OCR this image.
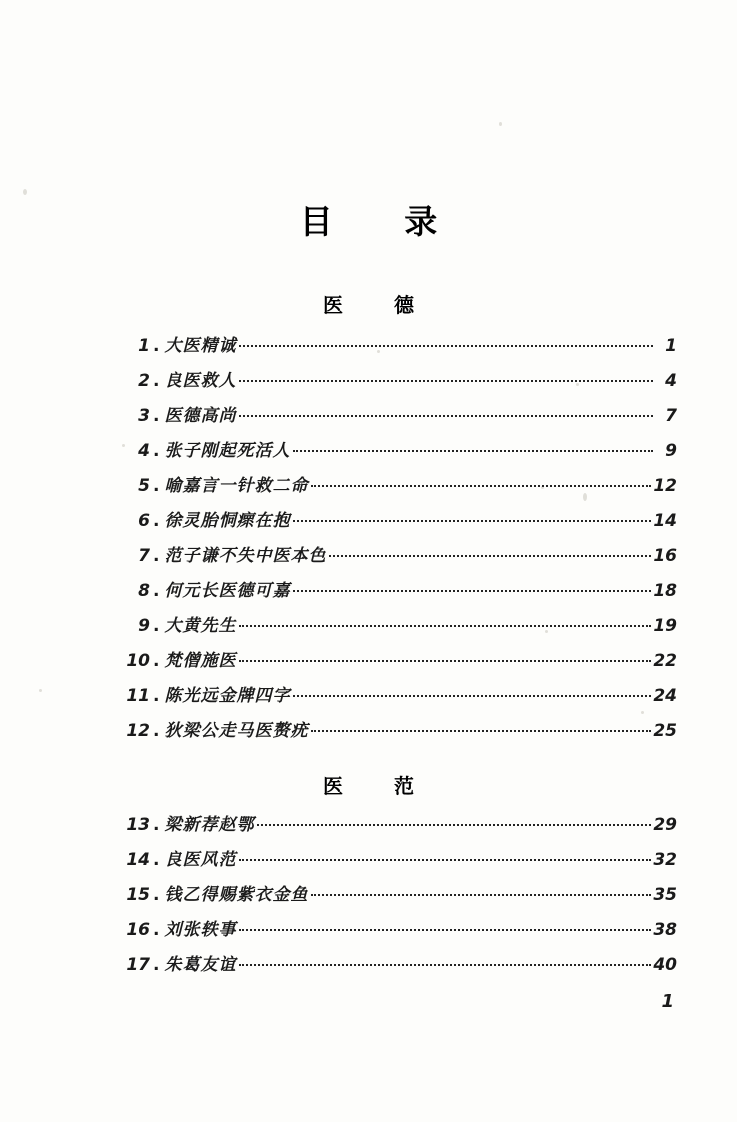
目 录
医 德
1 . 大医精诚	1
2 . 良医救人	4
3 . 医德高尚	7
4 . 张子刚起死活人	9
5 . 喻嘉言一针救二命	12
6 . 徐灵胎恫瘝在抱	14
7 . 范子谦不失中医本色	16
8 . 何元长医德可嘉	18
9 . 大黄先生	19
10 . 梵僧施医	22
11 . 陈光远金牌四字	24
12 . 狄梁公走马医赘疣	25
医 范
13 . 梁新荐赵鄂	29
14 . 良医风范	32
15 . 钱乙得赐紫衣金鱼	35
16 . 刘张轶事	38
17 . 朱葛友谊	40
1
